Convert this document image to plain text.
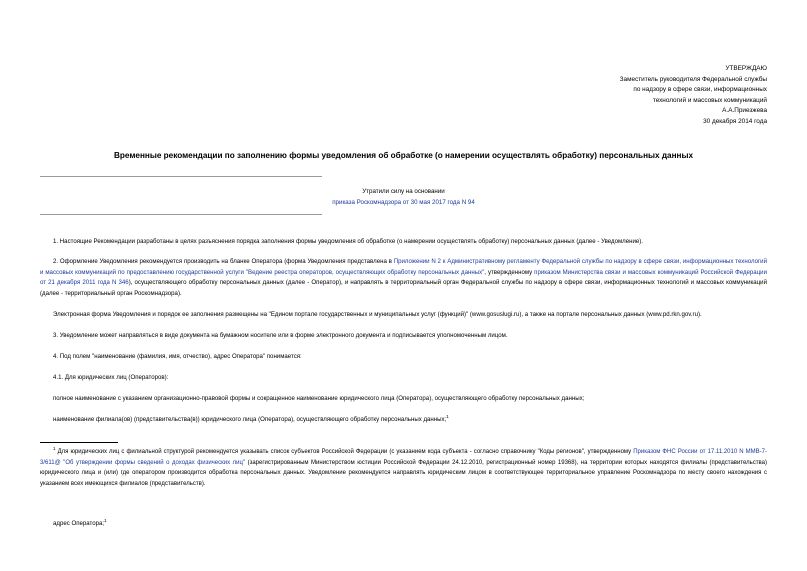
УТВЕРЖДАЮ
Заместитель руководителя Федеральной службы
по надзору в сфере связи, информационных
технологий и массовых коммуникаций
А.А.Приезжева
30 декабря 2014 года
Временные рекомендации по заполнению формы уведомления об обработке (о намерении осуществлять обработку) персональных данных
Утратили силу на основании
приказа Роскомнадзора от 30 мая 2017 года N 94

1. Настоящие Рекомендации разработаны в целях разъяснения порядка заполнения формы уведомления об обработке (о намерении осуществлять обработку) персональных данных (далее - Уведомление).

2. Оформление Уведомления рекомендуется производить на бланке Оператора (форма Уведомления представлена в Приложении N 2 к Административному регламенту Федеральной службы по надзору в сфере связи, информационных технологий и массовых коммуникаций по предоставлению государственной услуги "Ведение реестра операторов, осуществляющих обработку персональных данных", утвержденному приказом Министерства связи и массовых коммуникаций Российской Федерации от 21 декабря 2011 года N 346), осуществляющего обработку персональных данных (далее - Оператор), и направлять в территориальный орган Федеральной службы по надзору в сфере связи, информационных технологий и массовых коммуникаций (далее - территориальный орган Роскомнадзора).

Электронная форма Уведомления и порядок ее заполнения размещены на "Едином портале государственных и муниципальных услуг (функций)" (www.gosuslugi.ru), а также на портале персональных данных (www.pd.rkn.gov.ru).

3. Уведомление может направляться в виде документа на бумажном носителе или в форме электронного документа и подписывается уполномоченным лицом.

4. Под полем "наименование (фамилия, имя, отчество), адрес Оператора" понимается:

4.1. Для юридических лиц (Операторов):

полное наименование с указанием организационно-правовой формы и сокращенное наименование юридического лица (Оператора), осуществляющего обработку персональных данных;

наименование филиала(ов) (представительства(в)) юридического лица (Оператора), осуществляющего обработку персональных данных;$^1$

$^1$ Для юридических лиц с филиальной структурой рекомендуется указывать список субъектов Российской Федерации (с указанием кода субъекта - согласно справочнику "Коды регионов", утвержденному Приказом ФНС России от 17.11.2010 N ММВ-7-3/611@ "Об утверждении формы сведений о доходах физических лиц" (зарегистрированным Министерством юстиции Российской Федерации 24.12.2010, регистрационный номер 19368), на территории которых находятся филиалы (представительства) юридического лица и (или) где оператором производится обработка персональных данных. Уведомление рекомендуется направлять юридическим лицом в соответствующее территориальное управление Роскомнадзора по месту своего нахождения с указанием всех имеющихся филиалов (представительств).
адрес Оператора;$^1$
